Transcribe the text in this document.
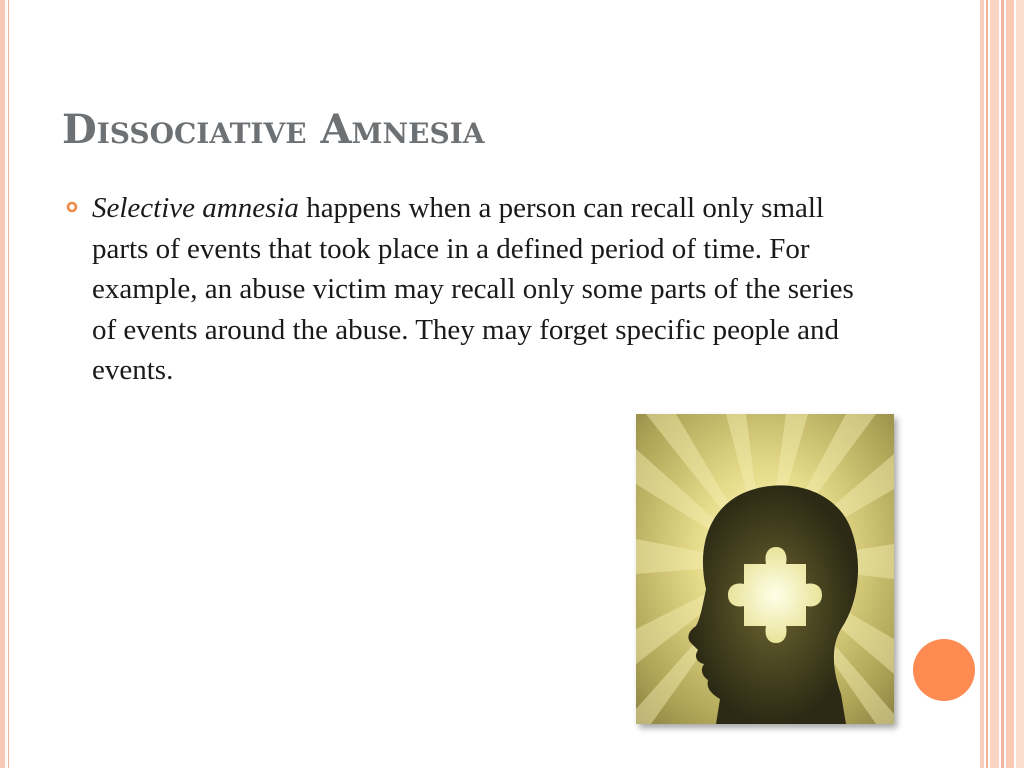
Dissociative Amnesia

Selective amnesia happens when a person can recall only small parts of events that took place in a defined period of time. For example, an abuse victim may recall only some parts of the series of events around the abuse. They may forget specific people and events.
